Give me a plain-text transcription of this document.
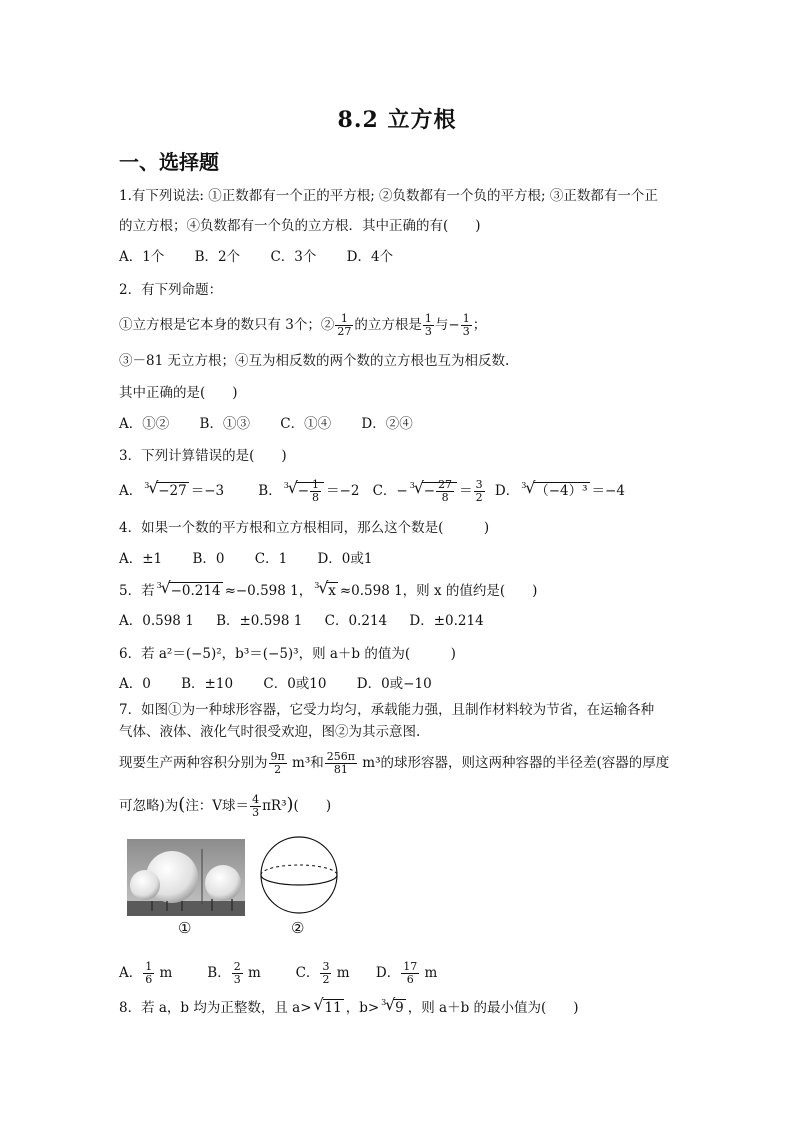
8.2 立方根
一、选择题
1.有下列说法: ①正数都有一个正的平方根; ②负数都有一个负的平方根; ③正数都有一个正
的立方根；④负数都有一个负的立方根．其中正确的有(　　)
A．1个 B．2个 C．3个 D．4个
2．有下列命题：
①立方根是它本身的数只有 3个；② $\frac{1}{27}$ 的立方根是 $\frac{1}{3}$ 与− $\frac{1}{3}$ ；
③－81 无立方根；④互为相反数的两个数的立方根也互为相反数.
其中正确的是(　　)
A．①② B．①③ C．①④ D．②④
3．下列计算错误的是(　　)
A． 3
√ −27 ＝−3	B． 3
√ − $\frac{1}{8} =-2$ C．− 3
√ − $\frac{27}{8} = \frac{3}{2}$ D． 3
√ （−4）³ ＝−4
4．如果一个数的平方根和立方根相同，那么这个数是(　　　)
A．±1 B．0 C．1 D．0或1
5．若 3
√ −0.214 ≈−0.598 1， 3
√ x ≈0.598 1，则 x 的值约是(　　)
A．0.598 1 B．±0.598 1 C．0.214 D．±0.214
6．若 a²＝(−5)²，b³＝(−5)³，则 a＋b 的值为(　　　)
A．0 B．±10 C．0或10 D．0或−10
7．如图①为一种球形容器，它受力均匀，承载能力强，且制作材料较为节省，在运输各种
气体、液体、液化气时很受欢迎，图②为其示意图.
现要生产两种容积分别为 $\frac{9\pi}{2} m^3$和 $\frac{256\pi}{81} m^3$的球形容器，则这两种容器的半径差(容器的厚度
可忽略)为(注：V球＝ $\frac{4}{3} \pi R^3$)(　　)
①	②
A． $\frac{1}{6}$ m	B． $\frac{2}{3}$ m	C． $\frac{3}{2}$ m D． $\frac{17}{6}$ m
8．若 a，b 均为正整数，且 a> √ 11 ，b> 3
√ 9 ，则 a＋b 的最小值为(　　)
